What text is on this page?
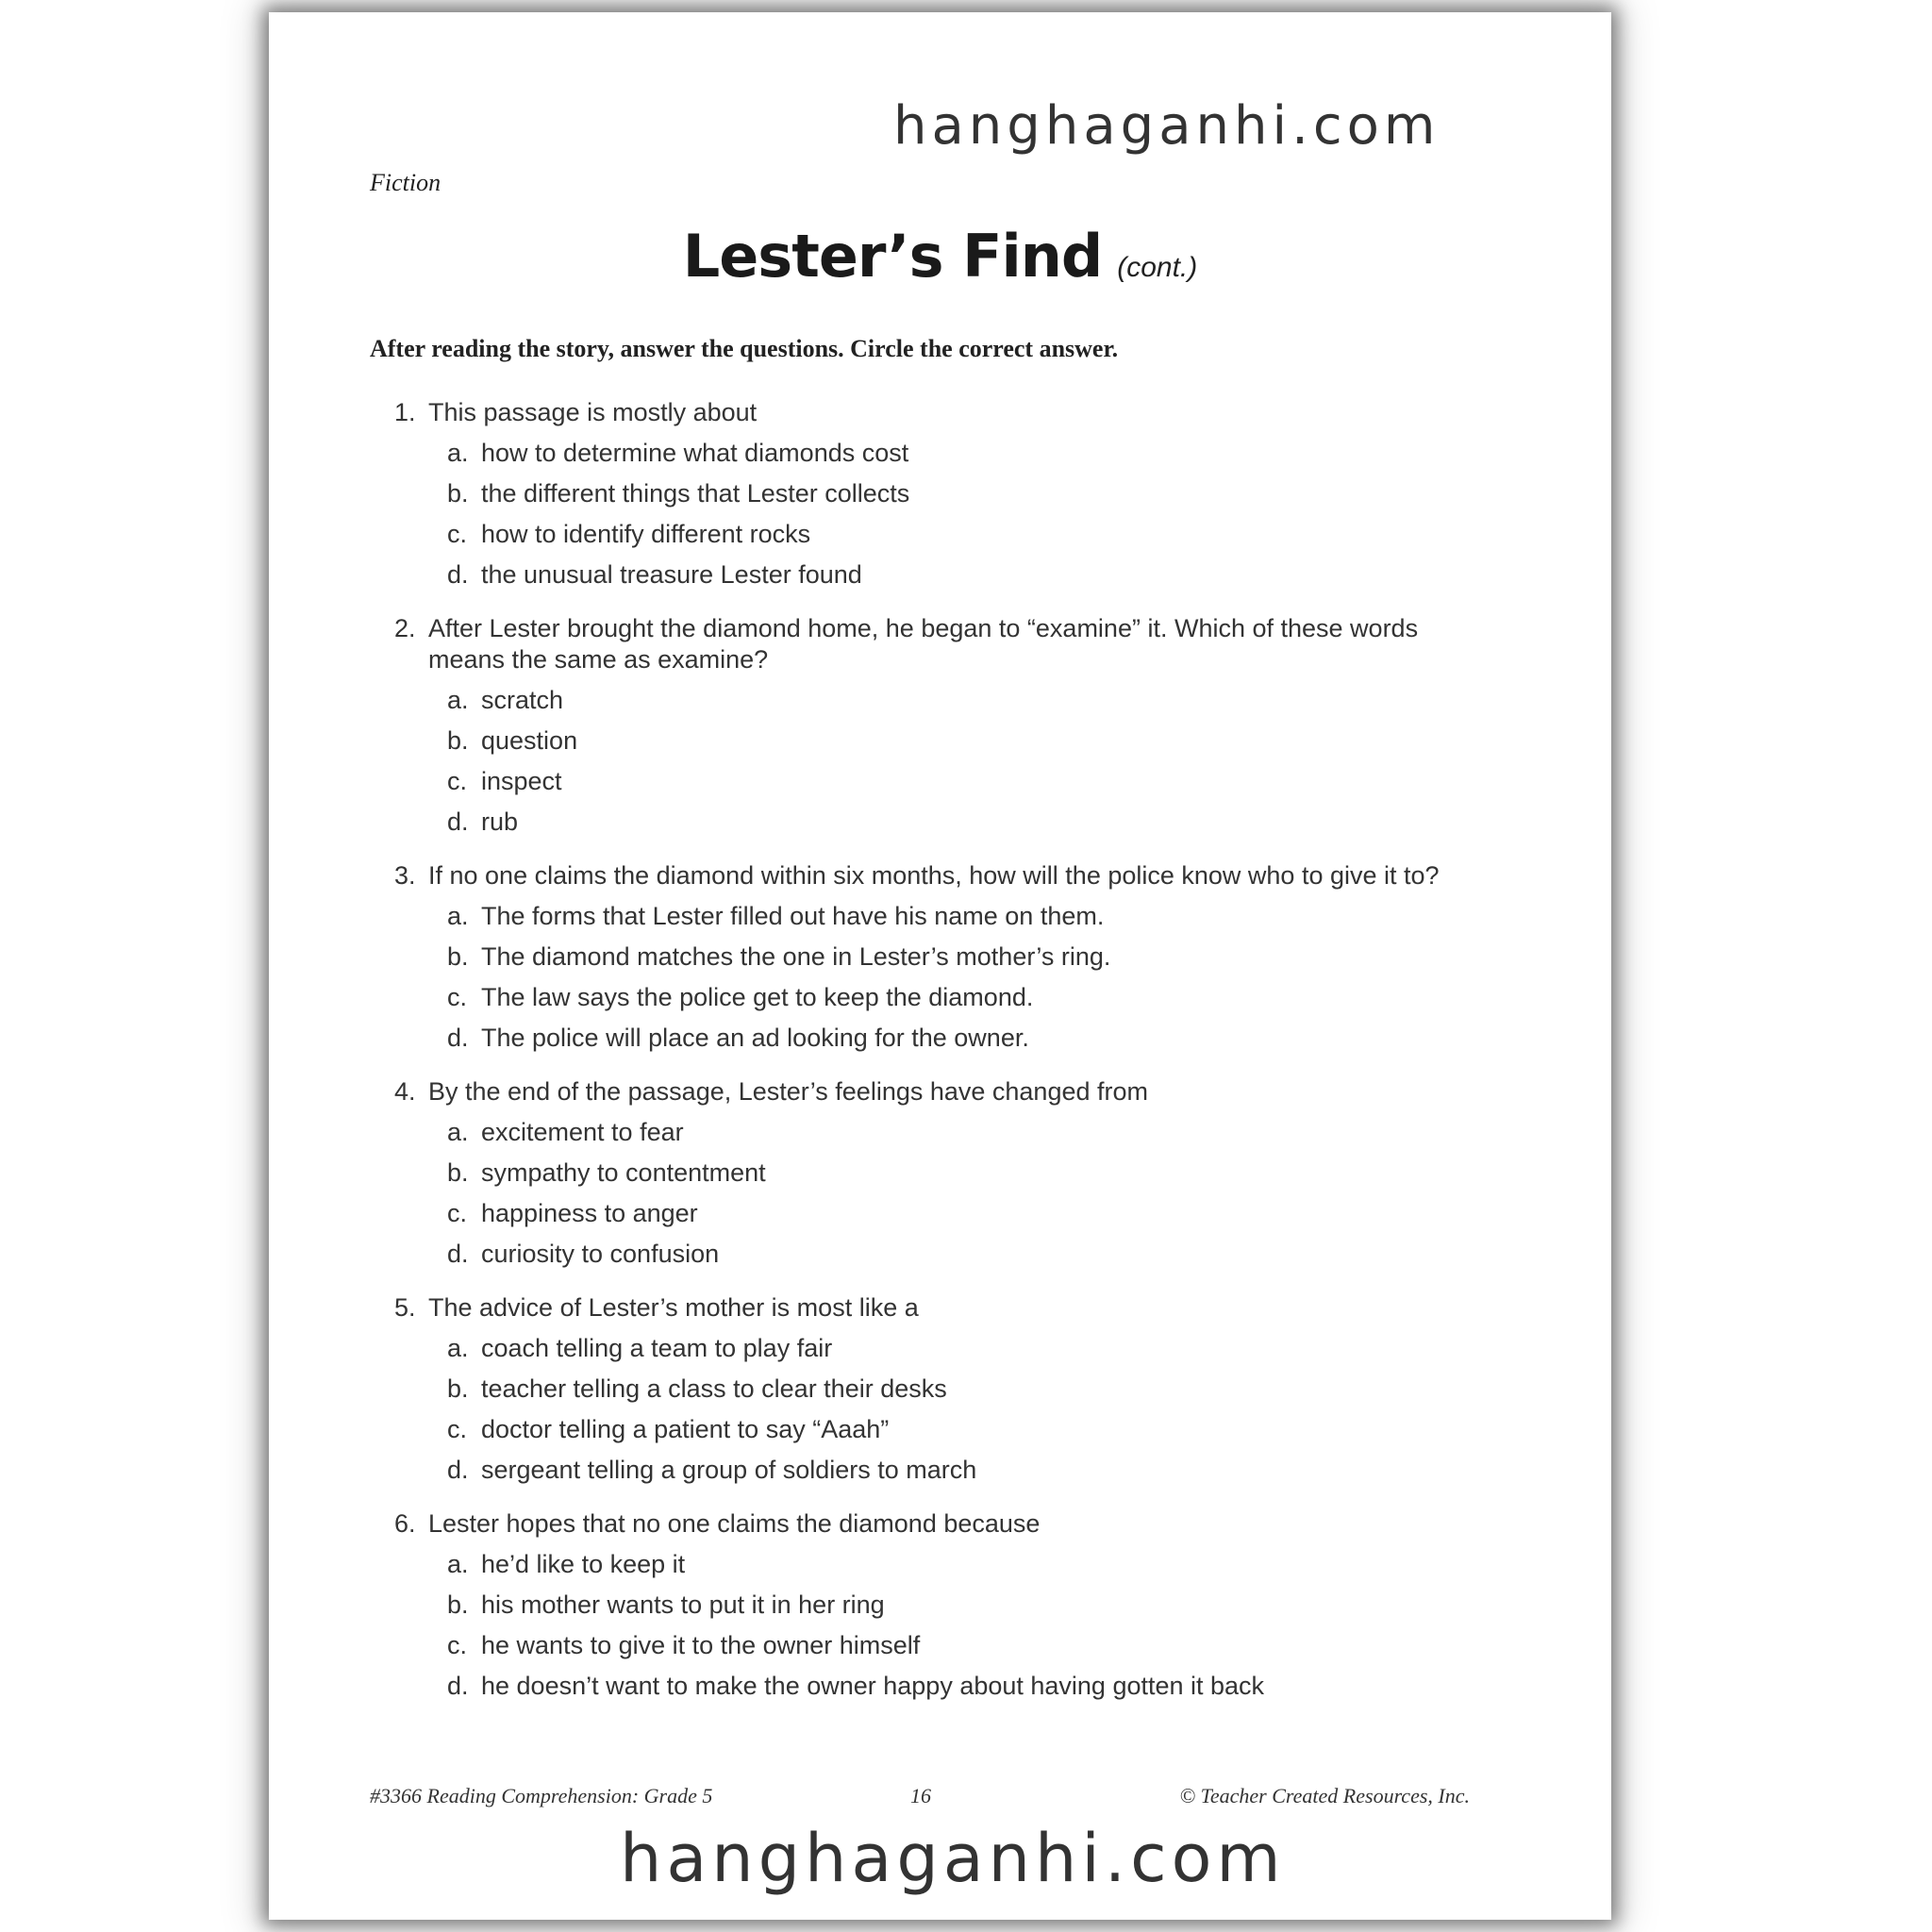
hanghaganhi.com
Fiction
Lester’s Find (cont.)
After reading the story, answer the questions. Circle the correct answer.
1. This passage is mostly about
a. how to determine what diamonds cost
b. the different things that Lester collects
c. how to identify different rocks
d. the unusual treasure Lester found
2. After Lester brought the diamond home, he began to “examine” it. Which of these words means the same as examine?
a. scratch
b. question
c. inspect
d. rub
3. If no one claims the diamond within six months, how will the police know who to give it to?
a. The forms that Lester filled out have his name on them.
b. The diamond matches the one in Lester’s mother’s ring.
c. The law says the police get to keep the diamond.
d. The police will place an ad looking for the owner.
4. By the end of the passage, Lester’s feelings have changed from
a. excitement to fear
b. sympathy to contentment
c. happiness to anger
d. curiosity to confusion
5. The advice of Lester’s mother is most like a
a. coach telling a team to play fair
b. teacher telling a class to clear their desks
c. doctor telling a patient to say “Aaah”
d. sergeant telling a group of soldiers to march
6. Lester hopes that no one claims the diamond because
a. he’d like to keep it
b. his mother wants to put it in her ring
c. he wants to give it to the owner himself
d. he doesn’t want to make the owner happy about having gotten it back
#3366 Reading Comprehension: Grade 5	16	© Teacher Created Resources, Inc.
hanghaganhi.com
